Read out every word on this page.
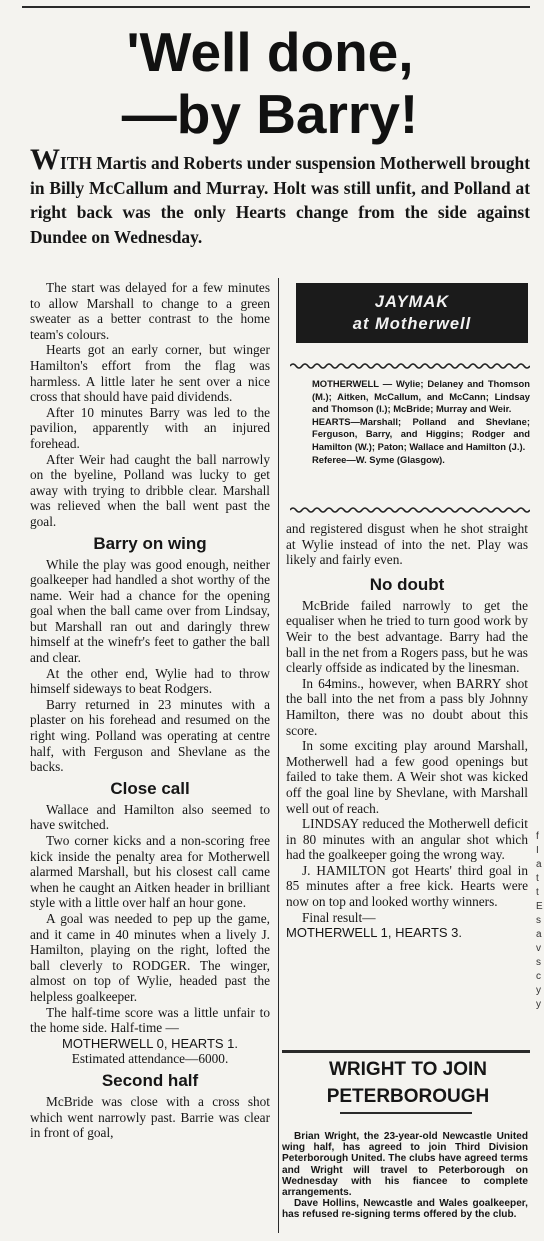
'Well done,
—by Barry!
WITH Martis and Roberts under suspension Motherwell brought in Billy McCallum and Murray. Holt was still unfit, and Polland at right back was the only Hearts change from the side against Dundee on Wednesday.

The start was delayed for a few minutes to allow Marshall to change to a green sweater as a better contrast to the home team's colours.

Hearts got an early corner, but winger Hamilton's effort from the flag was harmless. A little later he sent over a nice cross that should have paid dividends.

After 10 minutes Barry was led to the pavilion, apparently with an injured forehead.

After Weir had caught the ball narrowly on the byeline, Polland was lucky to get away with trying to dribble clear. Marshall was relieved when the ball went past the goal.

Barry on wing

While the play was good enough, neither goalkeeper had handled a shot worthy of the name. Weir had a chance for the opening goal when the ball came over from Lindsay, but Marshall ran out and daringly threw himself at the winefr's feet to gather the ball and clear.

At the other end, Wylie had to throw himself sideways to beat Rodgers.

Barry returned in 23 minutes with a plaster on his forehead and resumed on the right wing. Polland was operating at centre half, with Ferguson and Shevlane as the backs.

Close call

Wallace and Hamilton also seemed to have switched.

Two corner kicks and a non-scoring free kick inside the penalty area for Motherwell alarmed Marshall, but his closest call came when he caught an Aitken header in brilliant style with a little over half an hour gone.

A goal was needed to pep up the game, and it came in 40 minutes when a lively J. Hamilton, playing on the right, lofted the ball cleverly to RODGER. The winger, almost on top of Wylie, headed past the helpless goalkeeper.

The half-time score was a little unfair to the home side. Half-time —

MOTHERWELL 0, HEARTS 1.

Estimated attendance—6000.

Second half

McBride was close with a cross shot which went narrowly past. Barrie was clear in front of goal,

JAYMAK
at Motherwell

MOTHERWELL — Wylie; Delaney and Thomson (M.); Aitken, McCallum, and McCann; Lindsay and Thomson (I.); McBride; Murray and Weir.

HEARTS—Marshall; Polland and Shevlane; Ferguson, Barry, and Higgins; Rodger and Hamilton (W.); Paton; Wallace and Hamilton (J.).

Referee—W. Syme (Glasgow).

and registered disgust when he shot straight at Wylie instead of into the net. Play was likely and fairly even.

No doubt

McBride failed narrowly to get the equaliser when he tried to turn good work by Weir to the best advantage. Barry had the ball in the net from a Rogers pass, but he was clearly offside as indicated by the linesman.

In 64mins., however, when BARRY shot the ball into the net from a pass bly Johnny Hamilton, there was no doubt about this score.

In some exciting play around Marshall, Motherwell had a few good openings but failed to take them. A Weir shot was kicked off the goal line by Shevlane, with Marshall well out of reach.

LINDSAY reduced the Motherwell deficit in 80 minutes with an angular shot which had the goalkeeper going the wrong way.

J. HAMILTON got Hearts' third goal in 85 minutes after a free kick. Hearts were now on top and looked worthy winners.

Final result—

MOTHERWELL 1, HEARTS 3.

WRIGHT TO JOIN
PETERBOROUGH

Brian Wright, the 23-year-old Newcastle United wing half, has agreed to join Third Division Peterborough United. The clubs have agreed terms and Wright will travel to Peterborough on Wednesday with his fiancee to complete arrangements.

Dave Hollins, Newcastle and Wales goalkeeper, has refused re-signing terms offered by the club.

f
I
a
t
t
E
s
a
v
s
c
y
y
